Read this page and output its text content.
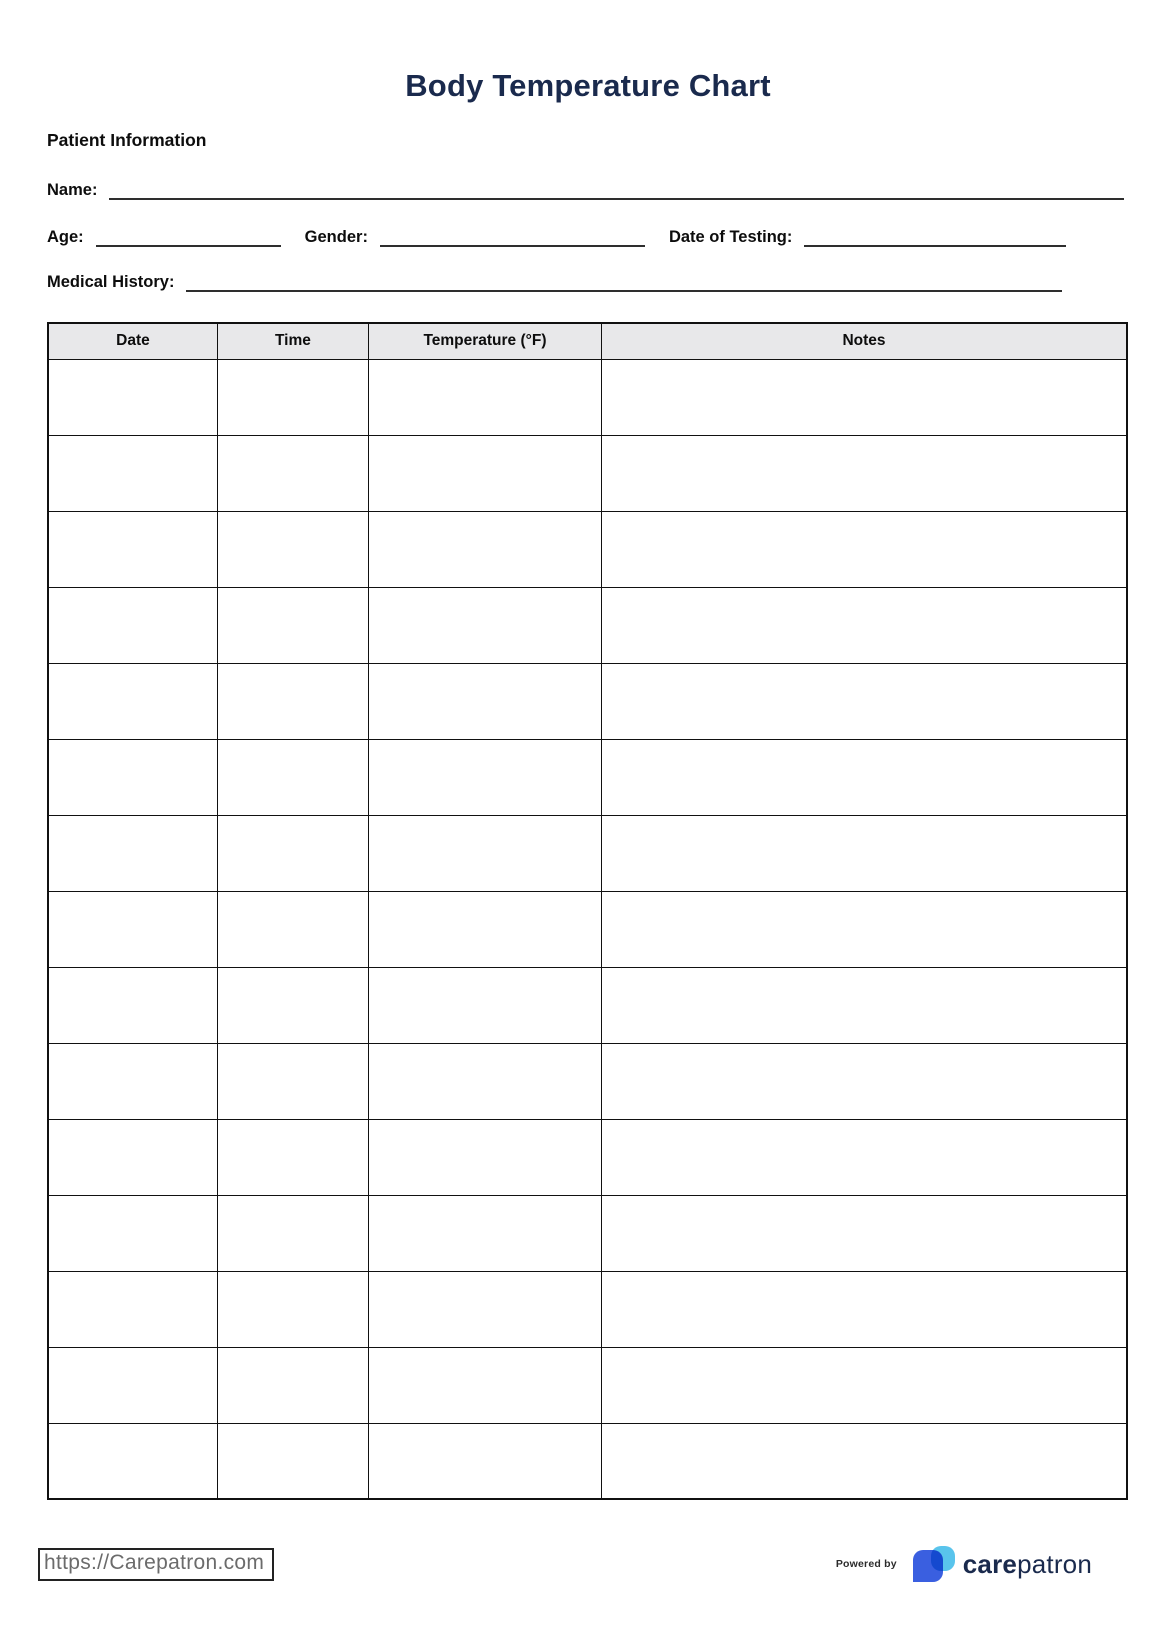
Body Temperature Chart
Patient Information
Name:
Age:	Gender:	Date of Testing:
Medical History:
Date	Time	Temperature (°F)	Notes

https://Carepatron.com	Powered by	care patron
